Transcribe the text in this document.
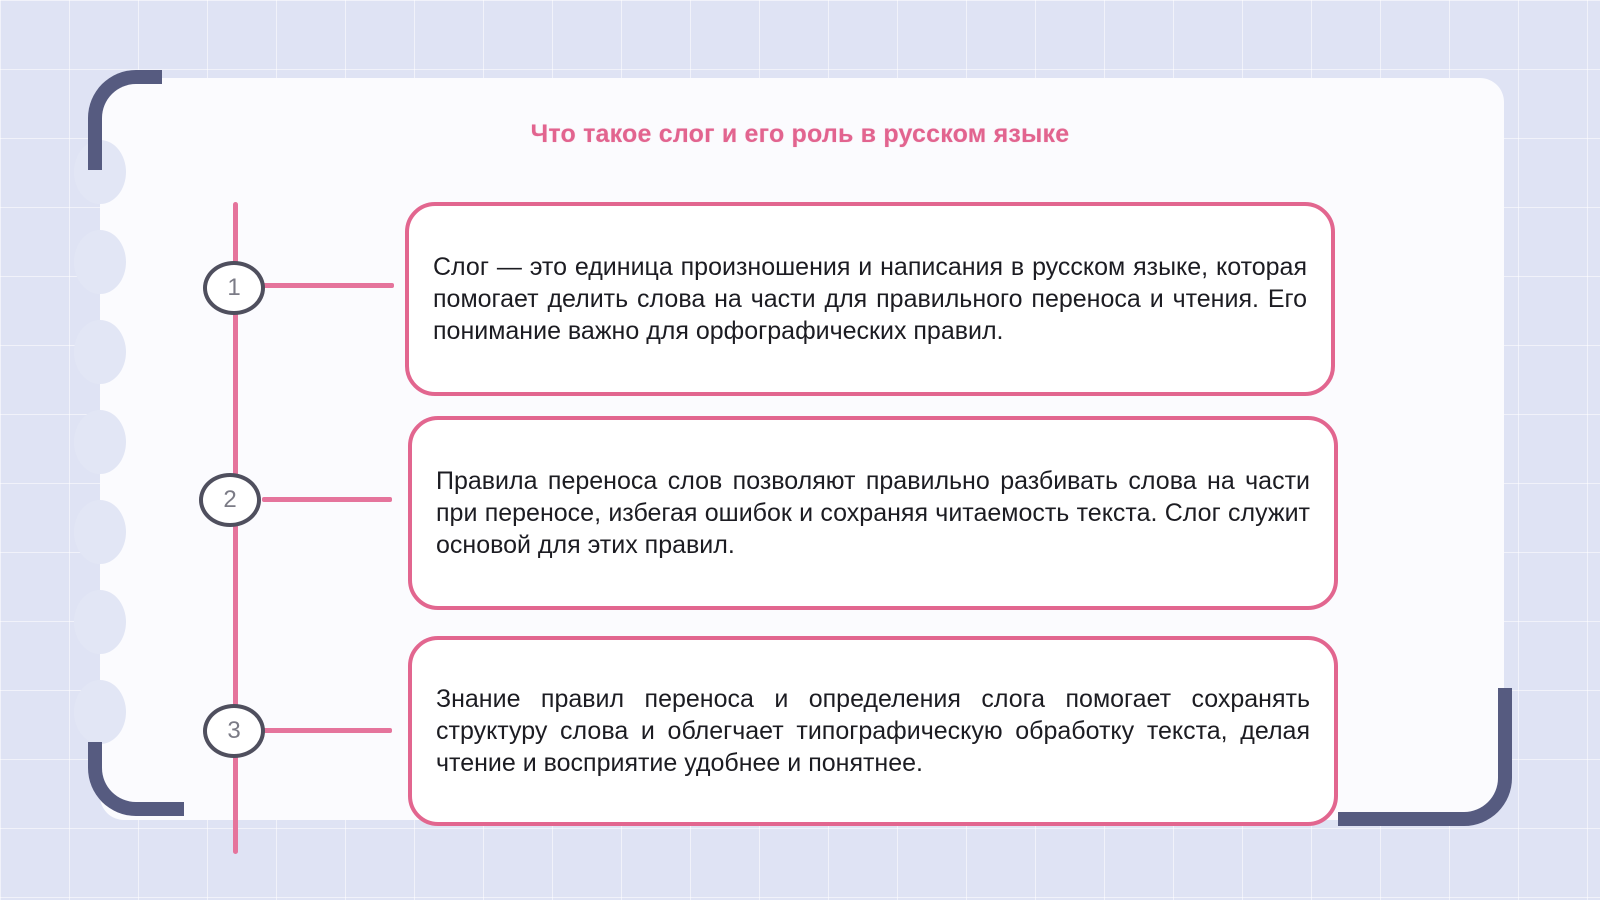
Что такое слог и его роль в русском языке
1
Слог — это единица произношения и написания в русском языке, которая помогает делить слова на части для правильного переноса и чтения. Его понимание важно для орфографических правил.
2
Правила переноса слов позволяют правильно разбивать слова на части при переносе, избегая ошибок и сохраняя читаемость текста. Слог служит основой для этих правил.
3
Знание правил переноса и определения слога помогает сохранять структуру слова и облегчает типографическую обработку текста, делая чтение и восприятие удобнее и понятнее.
